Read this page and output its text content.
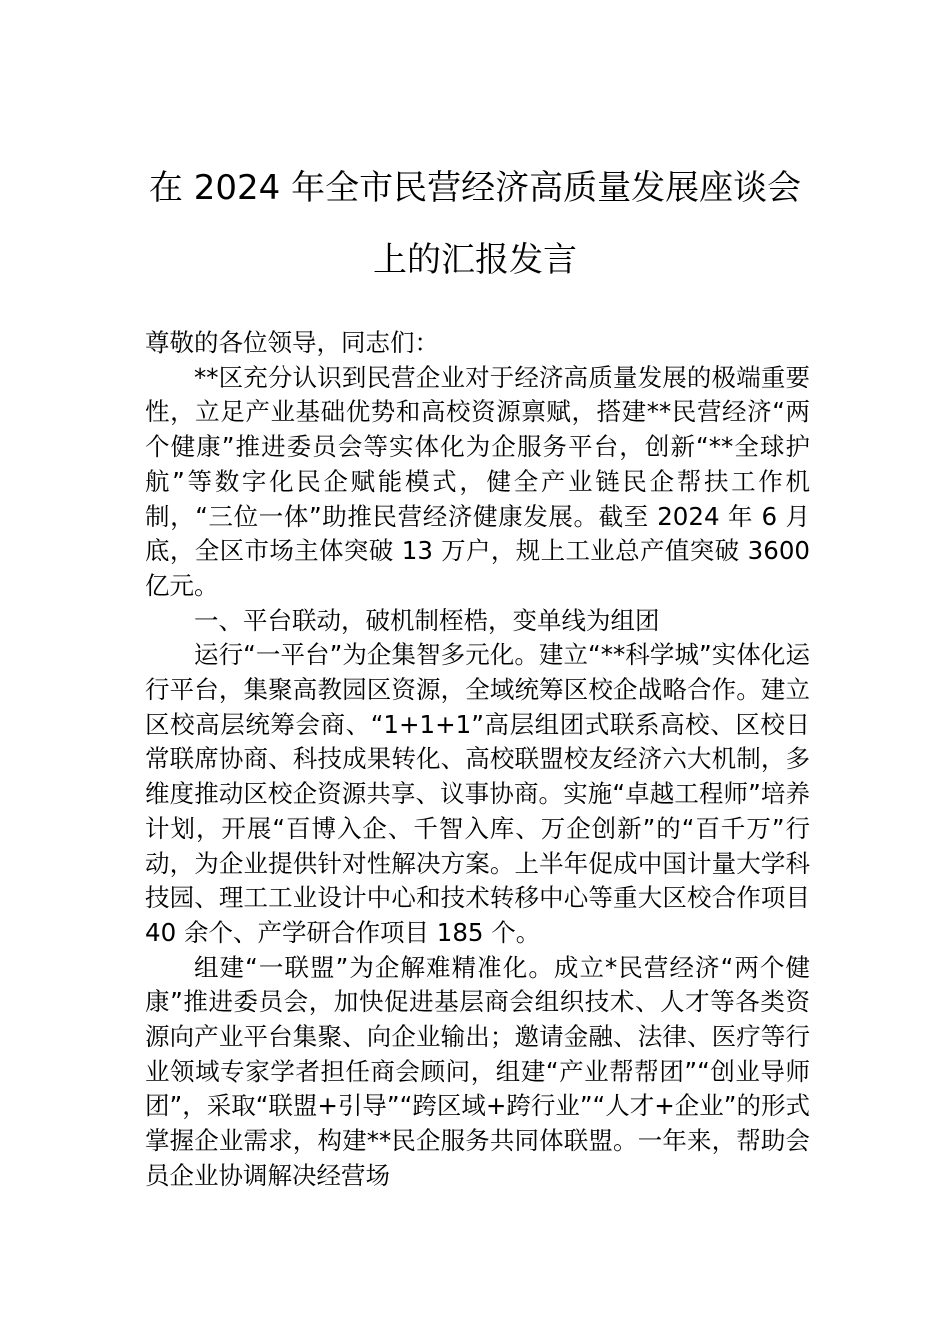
在 2024 年全市民营经济高质量发展座谈会
上的汇报发言

尊敬的各位领导，同志们：

**区充分认识到民营企业对于经济高质量发展的极端重要性，立足产业基础优势和高校资源禀赋，搭建**民营经济“两个健康”推进委员会等实体化为企服务平台，创新“**全球护航”等数字化民企赋能模式，健全产业链民企帮扶工作机制，“三位一体”助推民营经济健康发展。截至 2024 年 6 月底，全区市场主体突破 13 万户，规上工业总产值突破 3600 亿元。

一、平台联动，破机制桎梏，变单线为组团

运行“一平台”为企集智多元化。建立“**科学城”实体化运行平台，集聚高教园区资源，全域统筹区校企战略合作。建立区校高层统筹会商、“1+1+1”高层组团式联系高校、区校日常联席协商、科技成果转化、高校联盟校友经济六大机制，多维度推动区校企资源共享、议事协商。实施“卓越工程师”培养计划，开展“百博入企、千智入库、万企创新”的“百千万”行动，为企业提供针对性解决方案。上半年促成中国计量大学科技园、理工工业设计中心和技术转移中心等重大区校合作项目 40 余个、产学研合作项目 185 个。

组建“一联盟”为企解难精准化。成立*民营经济“两个健康”推进委员会，加快促进基层商会组织技术、人才等各类资源向产业平台集聚、向企业输出；邀请金融、法律、医疗等行业领域专家学者担任商会顾问，组建“产业帮帮团”“创业导师团”，采取“联盟+引导”“跨区域+跨行业”“人才+企业”的形式掌握企业需求，构建**民企服务共同体联盟。一年来，帮助会员企业协调解决经营场
